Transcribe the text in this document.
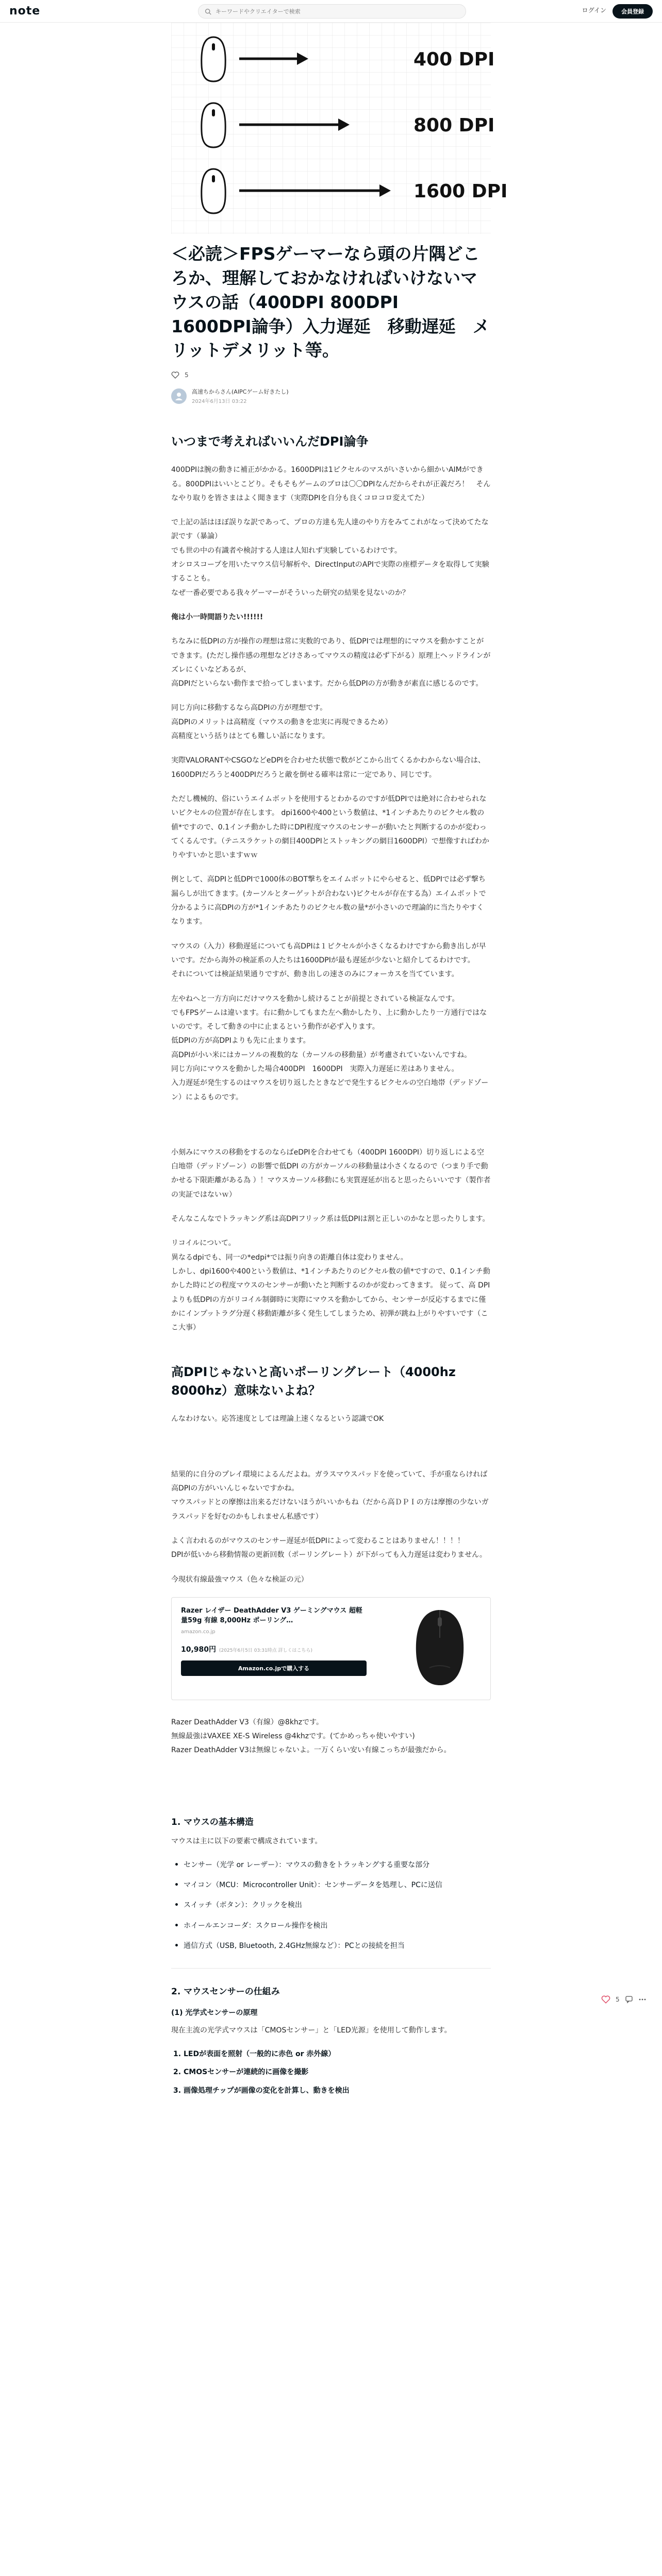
note
キーワードやクリエイターで検索	ログイン	会員登録
400 DPI
800 DPI
1600 DPI
＜必読＞FPSゲーマーなら頭の片隅どころか、理解しておかなければいけないマウスの話（400DPI 800DPI　1600DPI論争）入力遅延　移動遅延　メリットデメリット等。
5
高速ちからさん(AIPCゲーム好きたし)
2024年6月13日 03:22
いつまで考えればいいんだDPI論争

400DPIは腕の動きに補正がかかる。1600DPIは1ピクセルのマスがいさいから細かいAIMができる。800DPIはいいとこどり。そもそもゲームのプロは〇〇DPIなんだからそれが正義だろ！　そんなやり取りを皆さまはよく聞きます（実際DPIを自分も良くコロコロ変えてた）

で上記の話はほぼ誤りな訳であって、プロの方達も先人達のやり方をみてこれがなって決めてたな訳です（暴論）
でも世の中の有識者や検討する人達は人知れず実験しているわけです。
オシロスコープを用いたマウス信号解析や、DirectInputのAPIで実際の座標データを取得して実験することも。
なぜ一番必要である我々ゲーマーがそういった研究の結果を見ないのか？

俺は小一時間語りたい!!!!!!

ちなみに低DPIの方が操作の理想は常に実数的であり、低DPIでは理想的にマウスを動かすことができます。(ただし操作感の理想などけさあってマウスの精度は必ず下がる）原理上ヘッドラインがズレにくいなどあるが、
高DPIだといらない動作まで拾ってしまいます。だから低DPIの方が動きが素直に感じるのです。

同じ方向に移動するなら高DPIの方が理想です。
高DPIのメリットは高精度（マウスの動きを忠実に再現できるため）
高精度という括りはとても難しい話になります。

実際VALORANTやCSGOなどeDPIを合わせた状態で数がどこから出てくるかわからない場合は、1600DPIだろうと400DPIだろうと敵を倒せる確率は常に一定であり、同じです。

ただし機械的、俗にいうエイムボットを使用するとわかるのですが低DPIでは絶対に合わせられないピクセルの位置が存在します。 dpi1600や400という数値は、*1インチあたりのピクセル数の値*ですので、0.1インチ動かした時にDPI程度マウスのセンサーが動いたと判断するのかが変わってくるんです。（テニスラケットの網目400DPIとストッキングの網目1600DPI）で想像すればわかりやすいかと思いますｗｗ

例として、高DPIと低DPIで1000体のBOT撃ちをエイムボットにやらせると、低DPIでは必ず撃ち漏らしが出てきます。(カーソルとターゲットが合わない)ピクセルが存在する為）エイムボットで分かるように高DPIの方が*1インチあたりのピクセル数の量*が小さいので理論的に当たりやすくなります。

マウスの（入力）移動遅延についても高DPIは１ピクセルが小さくなるわけですから動き出しが早いです。だから海外の検証系の人たちは1600DPIが最も遅延が少ないと紹介してるわけです。
それについては検証結果通りですが、動き出しの速さのみにフォーカスを当てています。

左やねへと一方方向にだけマウスを動かし続けることが前提とされている検証なんです。
でもFPSゲームは違います。右に動かしてもまた左へ動かしたり、上に動かしたり一方通行ではないのです。そして動きの中に止まるという動作が必ず入ります。
低DPIの方が高DPIよりも先に止まります。
高DPIが小い米にはカーソルの複数的な（カーソルの移動量）が考慮されていないんですね。
同じ方向にマウスを動かした場合400DPI　1600DPI　実際入力遅延に差はありません。
入力遅延が発生するのはマウスを切り返したときなどで発生するピクセルの空白地帯（デッドゾーン）によるものです。

小刻みにマウスの移動をするのならばeDPIを合わせても（400DPI 1600DPI）切り返しによる空白地帯（デッドゾーン）の影響で低DPI の方がカーソルの移動量は小さくなるので（つまり手で動かせる下限距離がある為 ）！マウスカーソル移動にも実質遅延が出ると思ったらいいです（製作者の実証ではないｗ）

そんなこんなでトラッキング系は高DPIフリック系は低DPIは割と正しいのかなと思ったりします。

リコイルについて。
異なるdpiでも、同一の*edpi*では振り向きの距離自体は変わりません。
しかし、dpi1600や400という数値は、*1インチあたりのピクセル数の値*ですので、0.1インチ動かした時にどの程度マウスのセンサーが動いたと判断するのかが変わってきます。 従って、高 DPIよりも低DPIの方がリコイル制御時に実際にマウスを動かしてから、センサーが反応するまでに僅かにインプットラグ分遅く移動距離が多く発生してしまうため、初弾が跳ね上がりやすいです（ここ大事）

高DPIじゃないと高いポーリングレート（4000hz 8000hz）意味ないよね？

んなわけない。応答速度としては理論上速くなるという認識でOK

結果的に自分のプレイ環境によるんだよね。ガラスマウスパッドを使っていて、手が重ならければ高DPIの方がいいんじゃないですかね。
マウスパッドとの摩擦は出来るだけないほうがいいかもね（だから高ＤＰＩの方は摩擦の少ないガラスパッドを好むのかもしれません私感です）

よく言われるのがマウスのセンサー遅延が低DPIによって変わることはありません！！！！
DPIが低いから移動情報の更新回数（ポーリングレート）が下がっても入力遅延は変わりません。

今現状有線最強マウス（色々な検証の元）

Razer レイザー DeathAdder V3 ゲーミングマウス 超軽量59g 有線 8,000Hz ポーリング…
amazon.co.jp
10,980円 (2025年6月5日 03:31時点 詳しくはこちら)
Amazon.co.jpで購入する

Razer DeathAdder V3（有線）@8khzです。
無線最強はVAXEE XE-S Wireless @4khzです。(てかめっちゃ使いやすい)
Razer DeathAdder V3は無線じゃないよ。一万くらい安い有線こっちが最強だから。

1. マウスの基本構造

マウスは主に以下の要素で構成されています。

• センサー（光学 or レーザー）：マウスの動きをトラッキングする重要な部分
• マイコン（MCU：Microcontroller Unit）：センサーデータを処理し、PCに送信
• スイッチ（ボタン）：クリックを検出
• ホイールエンコーダ：スクロール操作を検出
• 通信方式（USB, Bluetooth, 2.4GHz無線など）：PCとの接続を担当
2. マウスセンサーの仕組み
(1) 光学式センサーの原理

現在主流の光学式マウスは「CMOSセンサー」と「LED光源」を使用して動作します。

1. LEDが表面を照射（一般的に赤色 or 赤外線）
2. CMOSセンサーが連続的に画像を撮影
3. 画像処理チップが画像の変化を計算し、動きを検出
5
